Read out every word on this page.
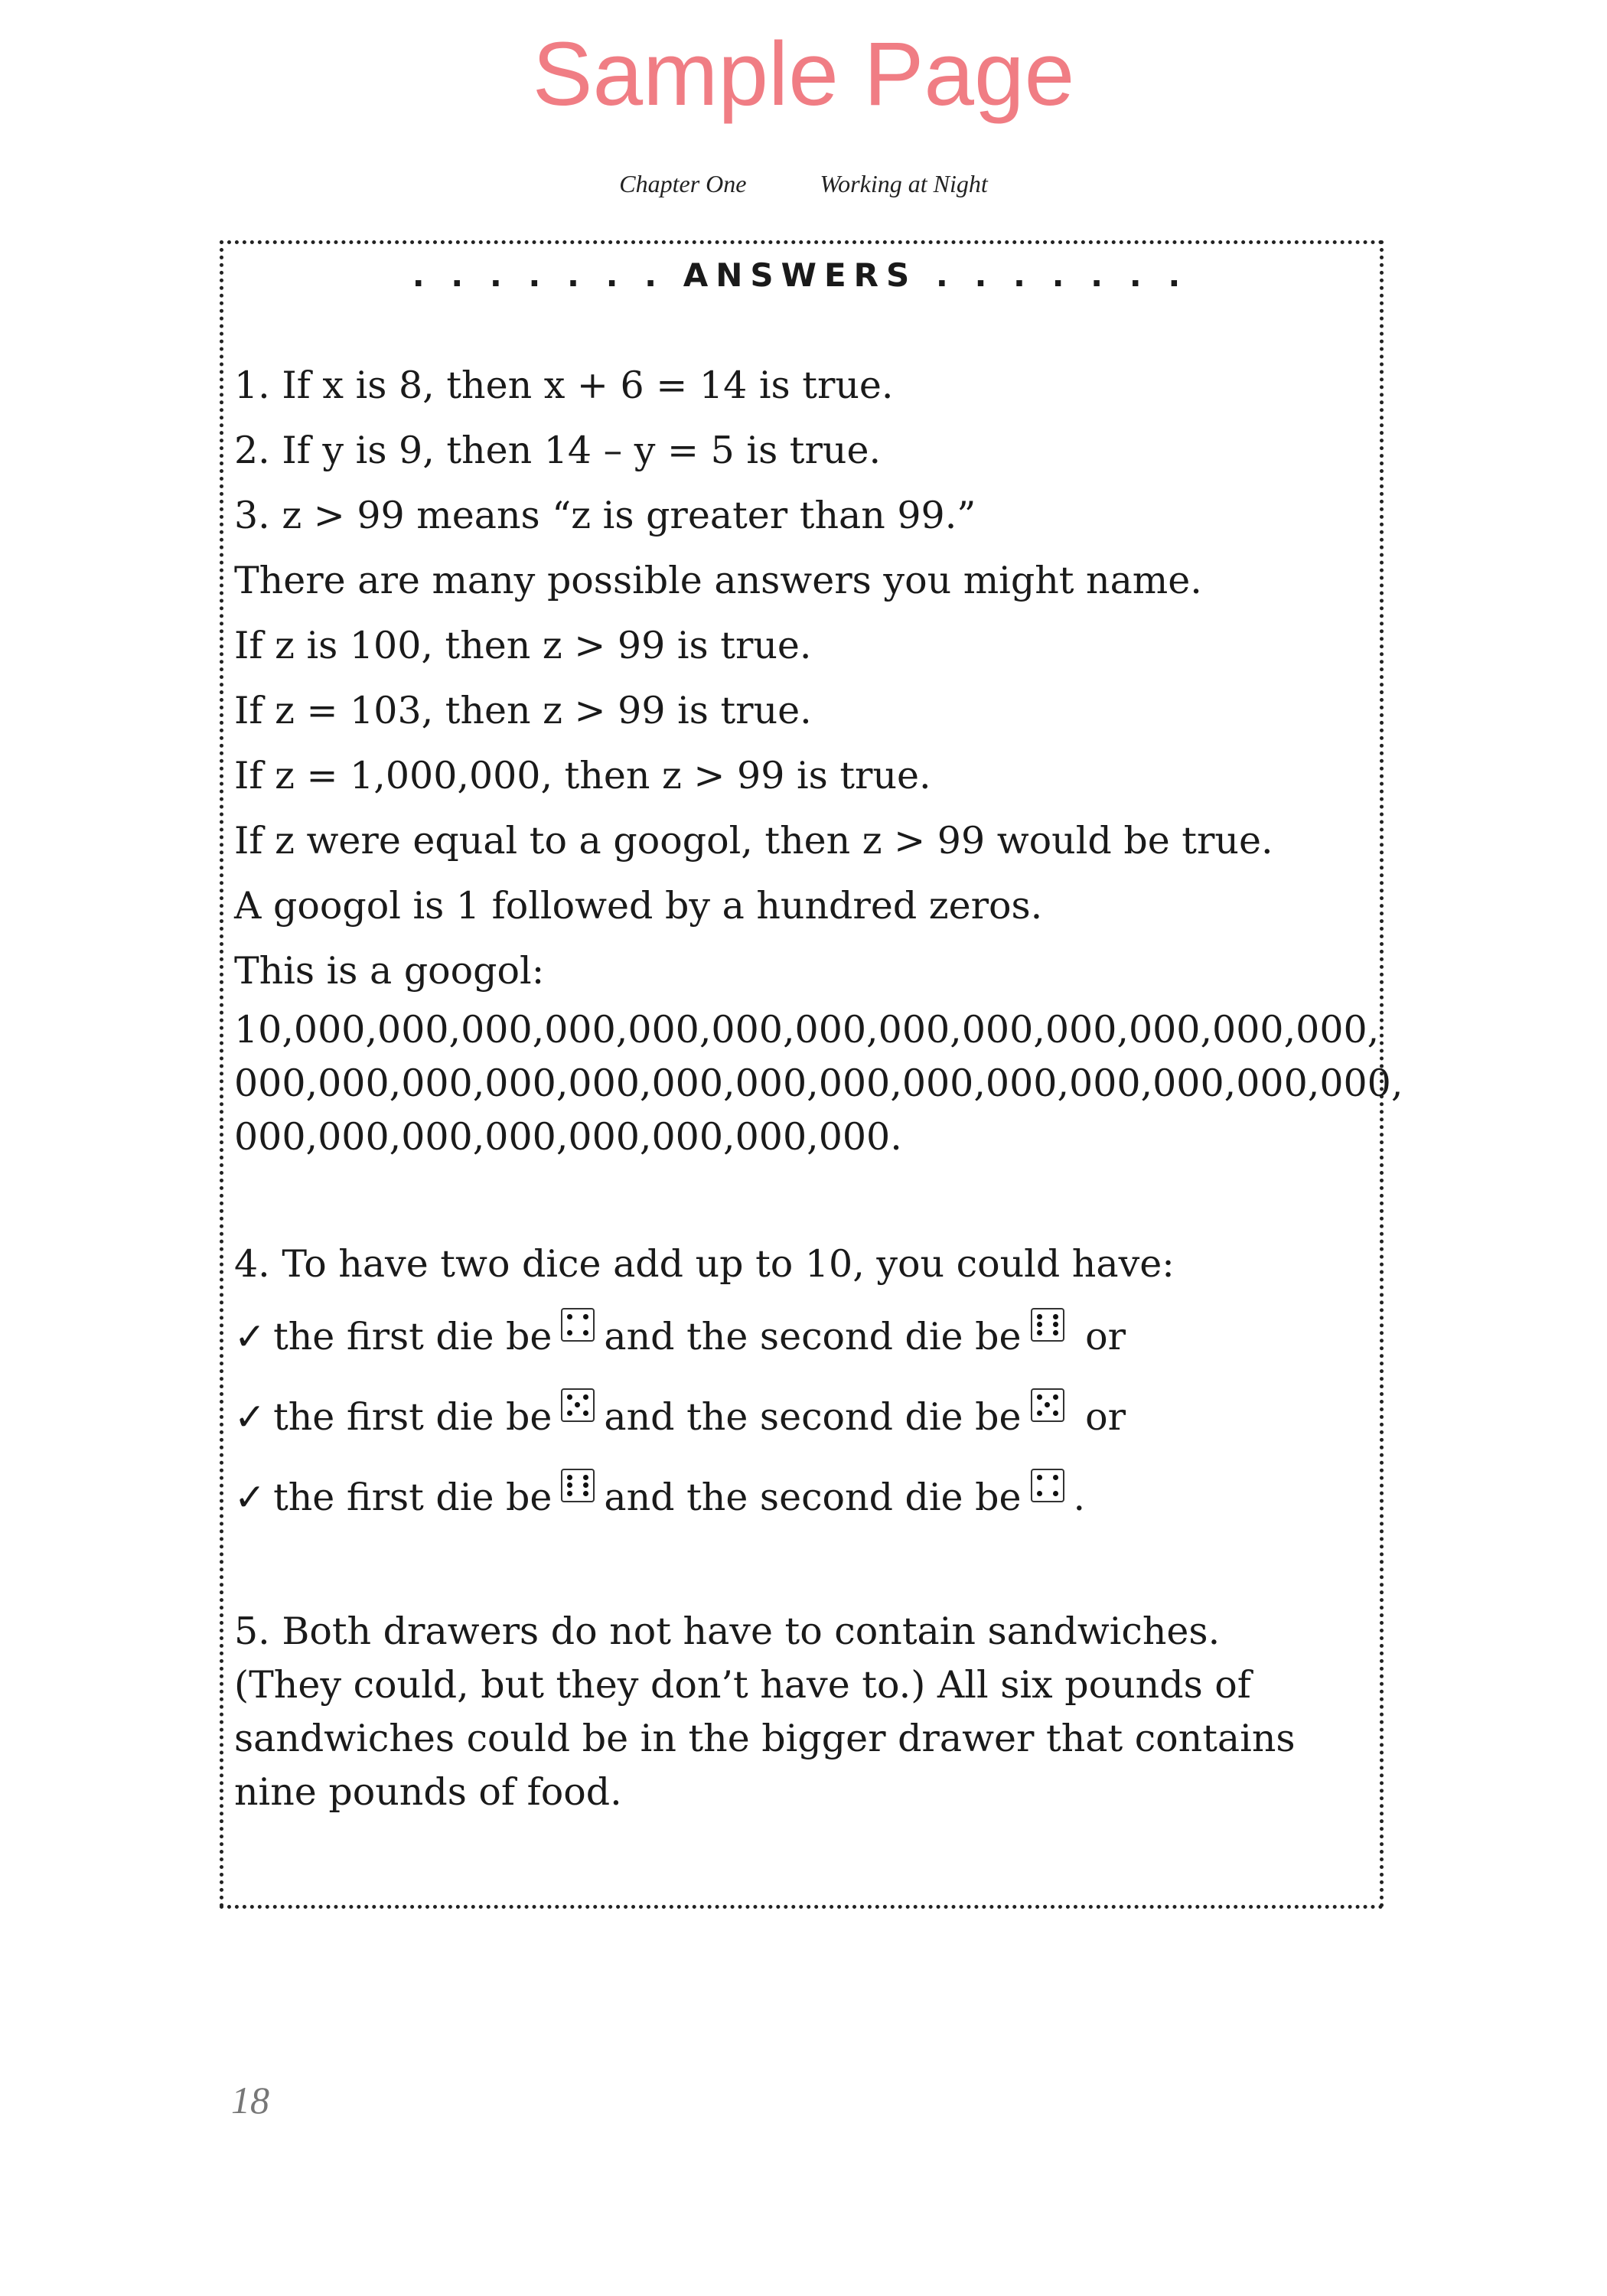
Sample Page
Chapter One	Working at Night
. . . . . . . ANSWERS . . . . . . .
1. If x is 8, then x + 6 = 14 is true.
2. If y is 9, then 14 – y = 5 is true.
3. z > 99 means “z is greater than 99.”
There are many possible answers you might name.
If z is 100, then z > 99 is true.
If z = 103, then z > 99 is true.
If z = 1,000,000, then z > 99 is true.
If z were equal to a googol, then z > 99 would be true.
A googol is 1 followed by a hundred zeros.
This is a googol:
10,000,000,000,000,000,000,000,000,000,000,000,000,000,
000,000,000,000,000,000,000,000,000,000,000,000,000,000,
000,000,000,000,000,000,000,000.
4. To have two dice add up to 10, you could have:
✓ the first die be and the second die be
or
✓ the first die be and the second die be
or
✓ the first die be and the second die be .
5. Both drawers do not have to contain sandwiches.
(They could, but they don’t have to.) All six pounds of
sandwiches could be in the bigger drawer that contains
nine pounds of food.
18
